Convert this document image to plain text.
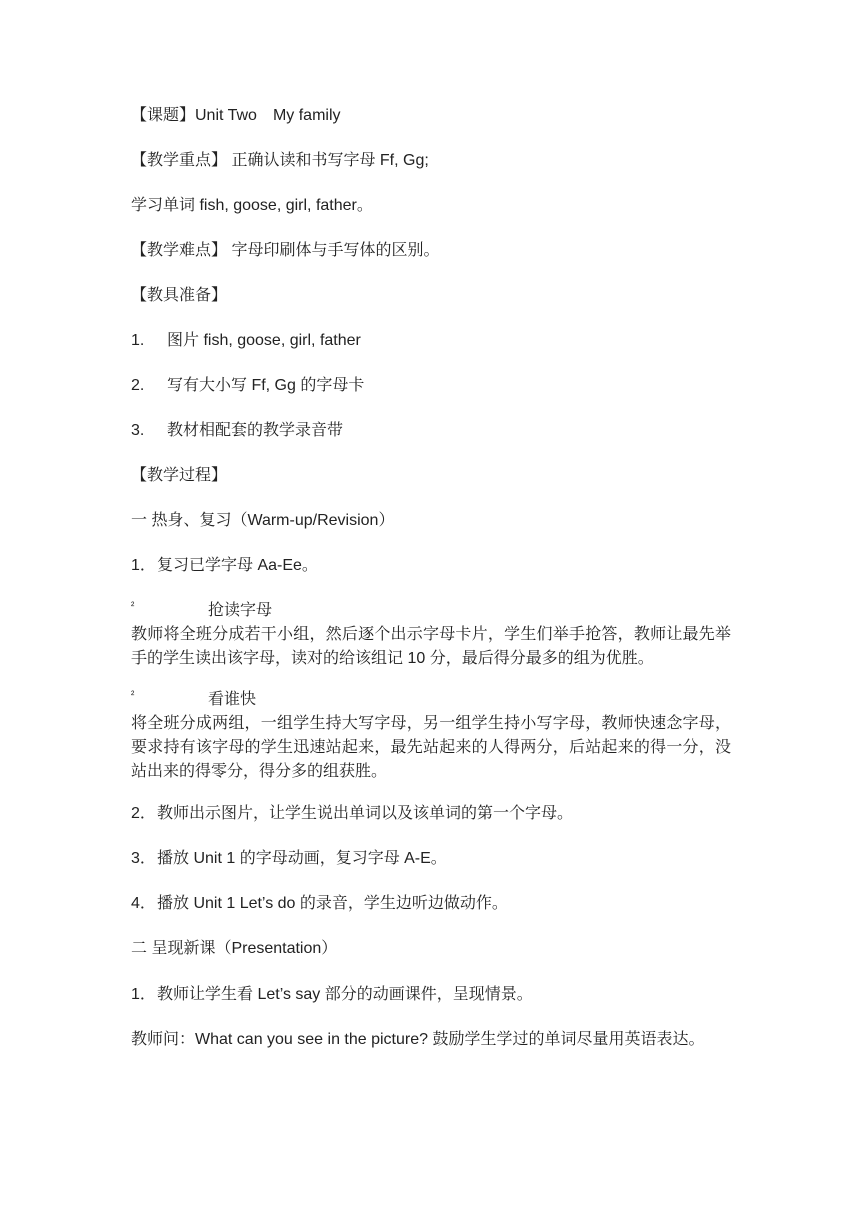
【课题】Unit Two　My family
【教学重点】 正确认读和书写字母 Ff, Gg;
学习单词 fish, goose, girl, father。
【教学难点】 字母印刷体与手写体的区别。
【教具准备】
1. 图片 fish, goose, girl, father
2. 写有大小写 Ff, Gg 的字母卡
3. 教材相配套的教学录音带
【教学过程】
一 热身、复习（Warm-up/Revision）
1．复习已学字母 Aa-Ee。
²	抢读字母
教师将全班分成若干小组，然后逐个出示字母卡片，学生们举手抢答，教师让最先举手的学生读出该字母，读对的给该组记 10 分，最后得分最多的组为优胜。
²	看谁快
将全班分成两组，一组学生持大写字母，另一组学生持小写字母，教师快速念字母，要求持有该字母的学生迅速站起来，最先站起来的人得两分，后站起来的得一分，没站出来的得零分，得分多的组获胜。
2．教师出示图片，让学生说出单词以及该单词的第一个字母。
3．播放 Unit 1 的字母动画，复习字母 A-E。
4．播放 Unit 1 Let’s do 的录音，学生边听边做动作。
二 呈现新课（Presentation）
1．教师让学生看 Let’s say 部分的动画课件，呈现情景。
教师问：What can you see in the picture? 鼓励学生学过的单词尽量用英语表达。
